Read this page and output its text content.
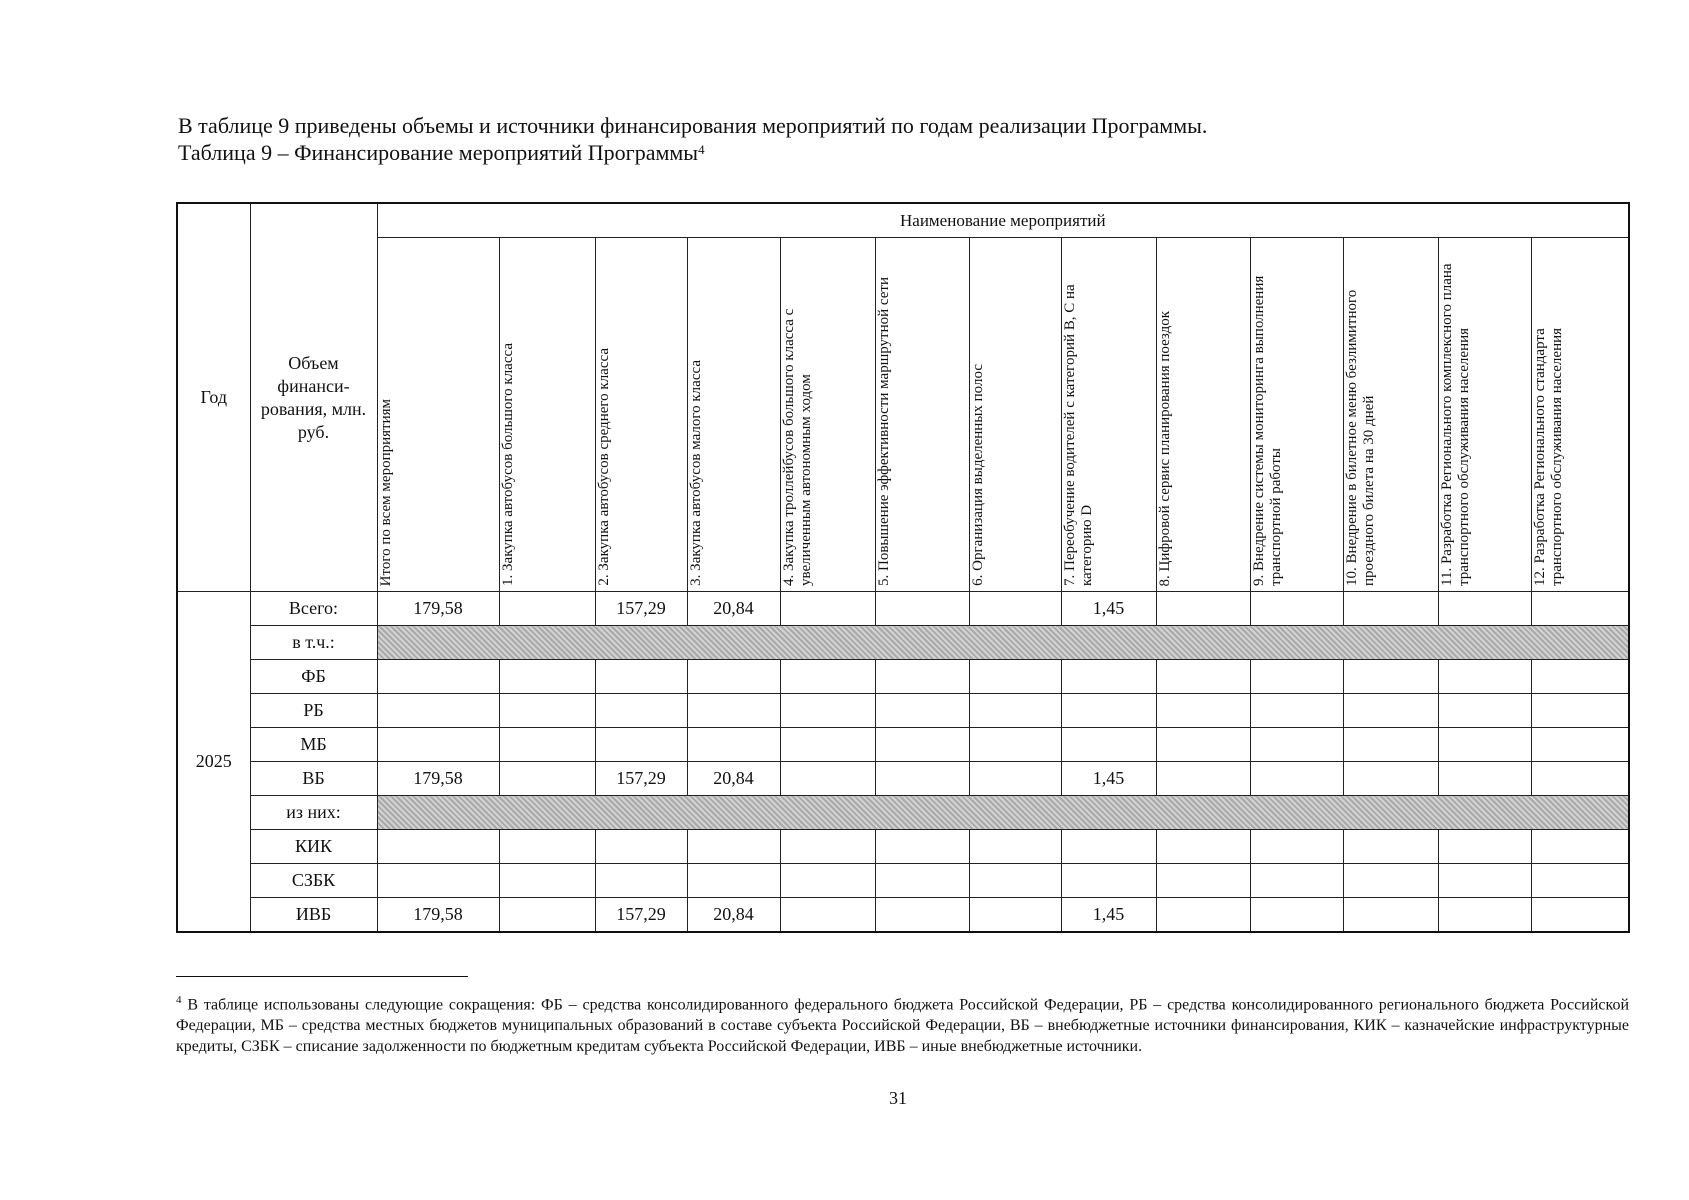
В таблице 9 приведены объемы и источники финансирования мероприятий по годам реализации Программы.
Таблица 9 – Финансирование мероприятий Программы$^4$
Год	Объем финанси-рования, млн. руб.	Наименование мероприятий												
		Итого по всем мероприятиям	1. Закупка автобусов большого класса	2. Закупка автобусов среднего класса	3. Закупка автобусов малого класса	4. Закупка троллейбусов большого класса с увеличенным автономным ходом	5. Повышение эффективности маршрутной сети	6. Организация выделенных полос	7. Переобучение водителей с категорий B, C на категорию D	8. Цифровой сервис планирования поездок	9. Внедрение системы мониторинга выполнения транспортной работы	10. Внедрение в билетное меню безлимитного проездного билета на 30 дней	11. Разработка Регионального комплексного плана транспортного обслуживания населения	12. Разработка Регионального стандарта транспортного обслуживания населения
2025	Всего:	179,58		157,29	20,84				1,45					
	в т.ч.:													
	ФБ													
	РБ													
	МБ													
	ВБ	179,58		157,29	20,84				1,45					
	из них:													
	КИК													
	СЗБК													
	ИВБ	179,58		157,29	20,84				1,45					
$^4$ В таблице использованы следующие сокращения: ФБ – средства консолидированного федерального бюджета Российской Федерации, РБ – средства консолидированного регионального бюджета Российской Федерации, МБ – средства местных бюджетов муниципальных образований в составе субъекта Российской Федерации, ВБ – внебюджетные источники финансирования, КИК – казначейские инфраструктурные кредиты, СЗБК – списание задолженности по бюджетным кредитам субъекта Российской Федерации, ИВБ – иные внебюджетные источники.
31
